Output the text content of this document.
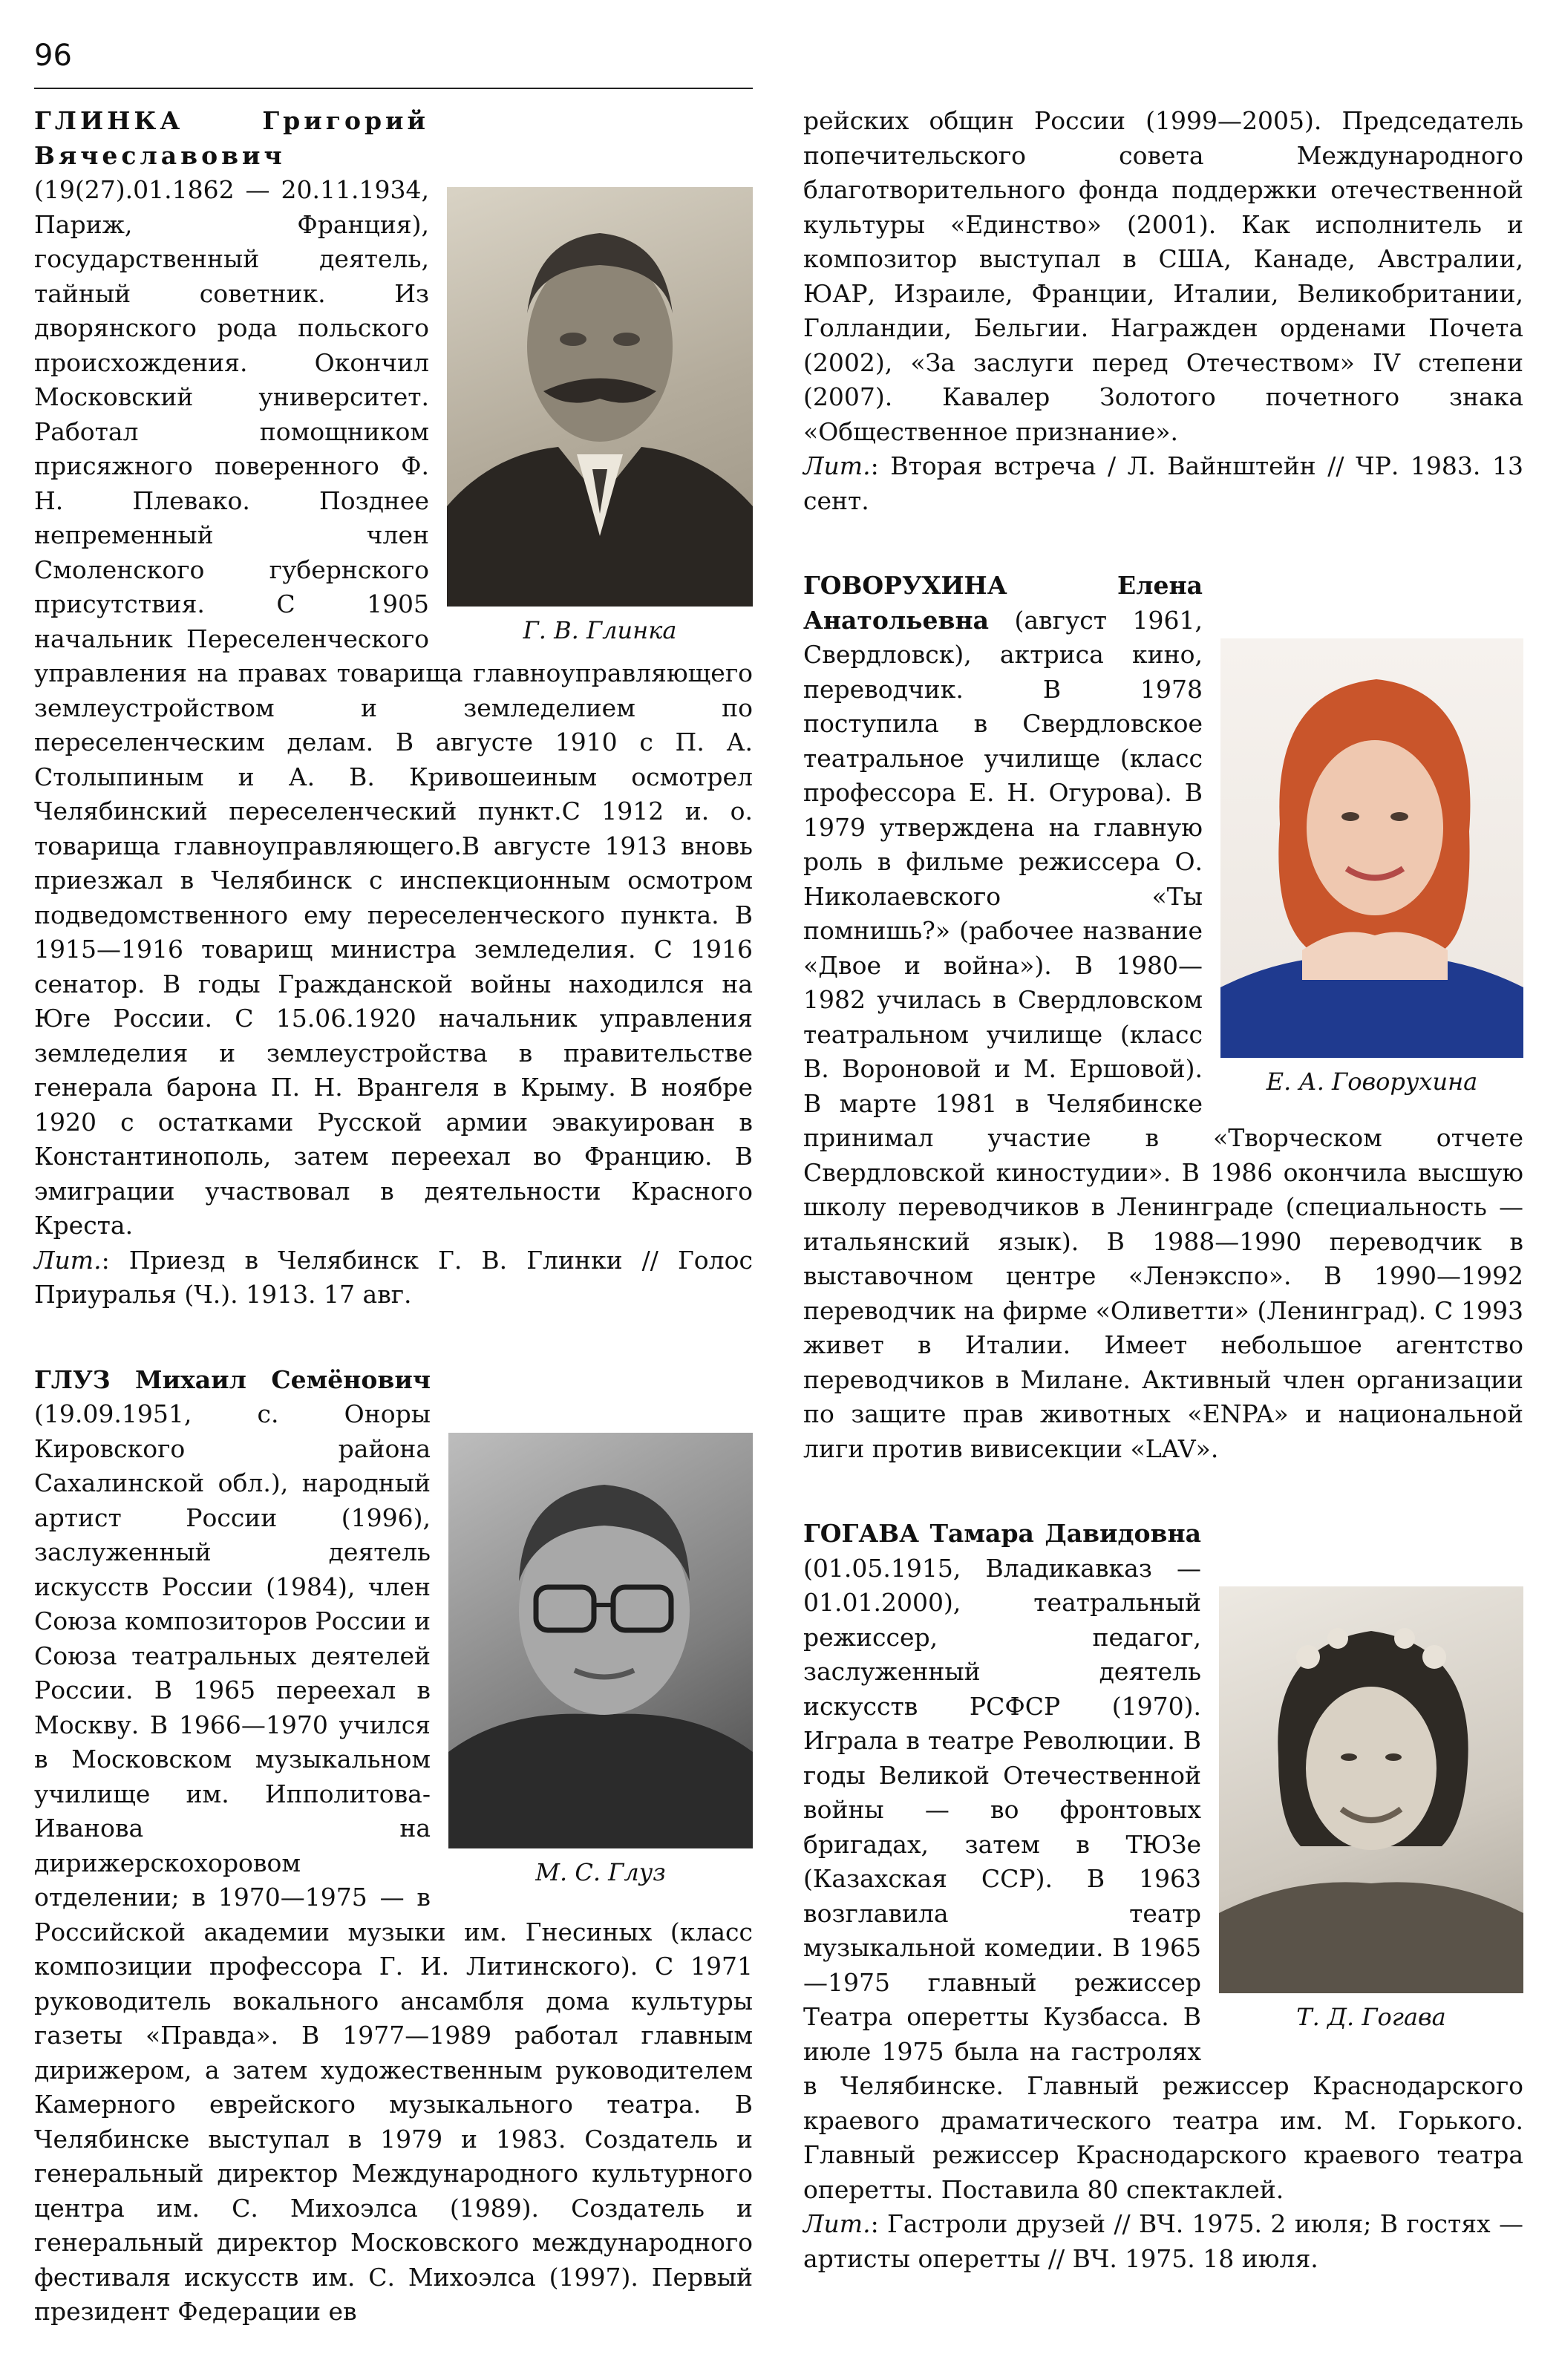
96
Г. В. Глинка

ГЛИНКА Григорий Вячеславович (19(27).01.1862 — 20.11.1934, Париж, Франция), государственный деятель, тайный советник. Из дворянского рода польского происхождения. Окончил Московский университет. Работал помощником присяжного поверенного Ф. Н. Плевако. Позднее непременный член Смоленского губернского присутствия. С 1905 начальник Переселенческого управления на правах товарища главноуправляющего землеустройством и земледелием по переселенческим делам. В августе 1910 с П. А. Столыпиным и А. В. Кривошеиным осмотрел Челябинский переселенческий пункт.С 1912 и. о. товарища главноуправляющего.В августе 1913 вновь приезжал в Челябинск с инспекционным осмотром подведомственного ему переселенческого пункта. В 1915—1916 товарищ министра земледелия. С 1916 сенатор. В годы Гражданской войны находился на Юге России. С 15.06.1920 начальник управления земледелия и землеустройства в правительстве генерала барона П. Н. Врангеля в Крыму. В ноябре 1920 с остатками Русской армии эвакуирован в Константинополь, затем переехал во Францию. В эмиграции участвовал в деятельности Красного Креста.

Лит.: Приезд в Челябинск Г. В. Глинки // Голос Приуралья (Ч.). 1913. 17 авг.

М. С. Глуз

ГЛУЗ Михаил Семёнович (19.09.1951, с. Оноры Кировского района Сахалинской обл.), народный артист России (1996), заслуженный деятель искусств России (1984), член Союза композиторов России и Союза театральных деятелей России. В 1965 переехал в Москву. В 1966—1970 учился в Московском музыкальном училище им. Ипполитова-Иванова на дирижерскохоровом отделении; в 1970—1975 — в Российской академии музыки им. Гнесиных (класс композиции профессора Г. И. Литинского). С 1971 руководитель вокального ансамбля дома культуры газеты «Правда». В 1977—1989 работал главным дирижером, а затем художественным руководителем Камерного еврейского музыкального театра. В Челябинске выступал в 1979 и 1983. Создатель и генеральный директор Международного культурного центра им. С. Михоэлса (1989). Создатель и генеральный директор Московского международного фестиваля искусств им. С. Михоэлса (1997). Первый президент Федерации ев

рейских общин России (1999—2005). Председатель попечительского совета Международного благотворительного фонда поддержки отечественной культуры «Единство» (2001). Как исполнитель и композитор выступал в США, Канаде, Австралии, ЮАР, Израиле, Франции, Италии, Великобритании, Голландии, Бельгии. Награжден орденами Почета (2002), «За заслуги перед Отечеством» IV степени (2007). Кавалер Золотого почетного знака «Общественное признание».

Лит.: Вторая встреча / Л. Вайнштейн // ЧР. 1983. 13 сент.

Е. А. Говорухина

ГОВОРУХИНА Елена Анатольевна (август 1961, Свердловск), актриса кино, переводчик. В 1978 поступила в Свердловское театральное училище (класс профессора Е. Н. Огурова). В 1979 утверждена на главную роль в фильме режиссера О. Николаевского «Ты помнишь?» (рабочее название «Двое и война»). В 1980—1982 училась в Свердловском театральном училище (класс В. Вороновой и М. Ершовой). В марте 1981 в Челябинске принимал участие в «Творческом отчете Свердловской киностудии». В 1986 окончила высшую школу переводчиков в Ленинграде (специальность — итальянский язык). В 1988—1990 переводчик в выставочном центре «Ленэкспо». В 1990—1992 переводчик на фирме «Оливетти» (Ленинград). С 1993 живет в Италии. Имеет небольшое агентство переводчиков в Милане. Активный член организации по защите прав животных «ENPA» и национальной лиги против вивисекции «LAV».

Т. Д. Гогава

ГОГАВА Тамара Давидовна (01.05.1915, Владикавказ — 01.01.2000), театральный режиссер, педагог, заслуженный деятель искусств РСФСР (1970). Играла в театре Революции. В годы Великой Отечественной войны — во фронтовых бригадах, затем в ТЮЗе (Казахская ССР). В 1963 возглавила театр музыкальной комедии. В 1965—1975 главный режиссер Театра оперетты Кузбасса. В июле 1975 была на гастролях в Челябинске. Главный режиссер Краснодарского краевого драматического театра им. М. Горького. Главный режиссер Краснодарского краевого театра оперетты. Поставила 80 спектаклей.

Лит.: Гастроли друзей // ВЧ. 1975. 2 июля; В гостях — артисты оперетты // ВЧ. 1975. 18 июля.
